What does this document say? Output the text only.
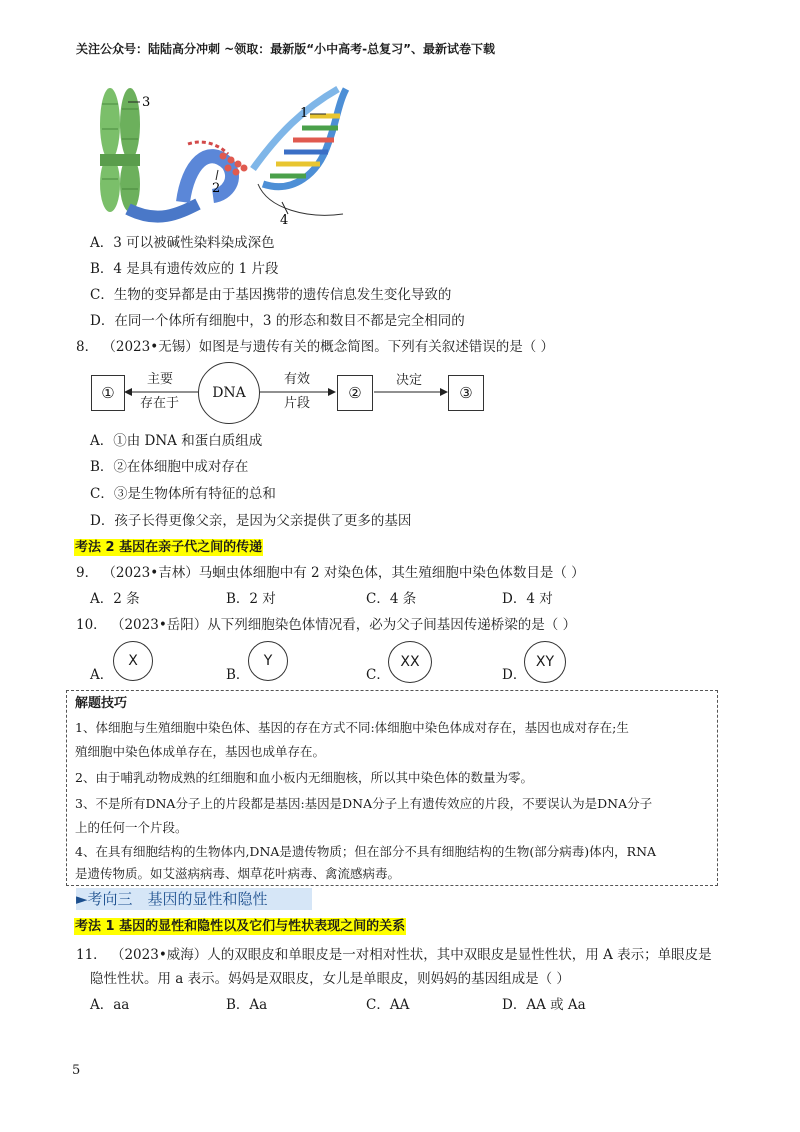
关注公众号：陆陆高分冲刺 ~领取：最新版“小中高考-总复习”、最新试卷下载
3
1
2
4
A．3 可以被碱性染料染成深色
B．4 是具有遗传效应的 1 片段
C．生物的变异都是由于基因携带的遗传信息发生变化导致的
D．在同一个体所有细胞中，3 的形态和数目不都是完全相同的
8． （2023•无锡）如图是与遗传有关的概念简图。下列有关叙述错误的是（ ）
①	DNA	②	③
主要
存在于
有效
片段
决定
A．①由 DNA 和蛋白质组成
B．②在体细胞中成对存在
C．③是生物体所有特征的总和
D．孩子长得更像父亲，是因为父亲提供了更多的基因
考法 2 基因在亲子代之间的传递
9． （2023•吉林）马蛔虫体细胞中有 2 对染色体，其生殖细胞中染色体数目是（ ）
A．2 条	B．2 对	C．4 条	D．4 对
10． （2023•岳阳）从下列细胞染色体情况看，必为父子间基因传递桥梁的是（ ）
A．
X
B．
Y
C．
XX
D．
XY
解题技巧
1、体细胞与生殖细胞中染色体、基因的存在方式不同:体细胞中染色体成对存在，基因也成对存在;生
殖细胞中染色体成单存在，基因也成单存在。
2、由于哺乳动物成熟的红细胞和血小板内无细胞核，所以其中染色体的数量为零。
3、不是所有DNA分子上的片段都是基因:基因是DNA分子上有遗传效应的片段，不要误认为是DNA分子
上的任何一个片段。
4、在具有细胞结构的生物体内,DNA是遗传物质；但在部分不具有细胞结构的生物(部分病毒)体内，RNA
是遗传物质。如艾滋病病毒、烟草花叶病毒、禽流感病毒。
►考向三　基因的显性和隐性
考法 1 基因的显性和隐性以及它们与性状表现之间的关系
11． （2023•威海）人的双眼皮和单眼皮是一对相对性状，其中双眼皮是显性性状，用 A 表示；单眼皮是
隐性性状。用 a 表示。妈妈是双眼皮，女儿是单眼皮，则妈妈的基因组成是（ ）
A．aa	B．Aa	C．AA	D．AA 或 Aa
5
